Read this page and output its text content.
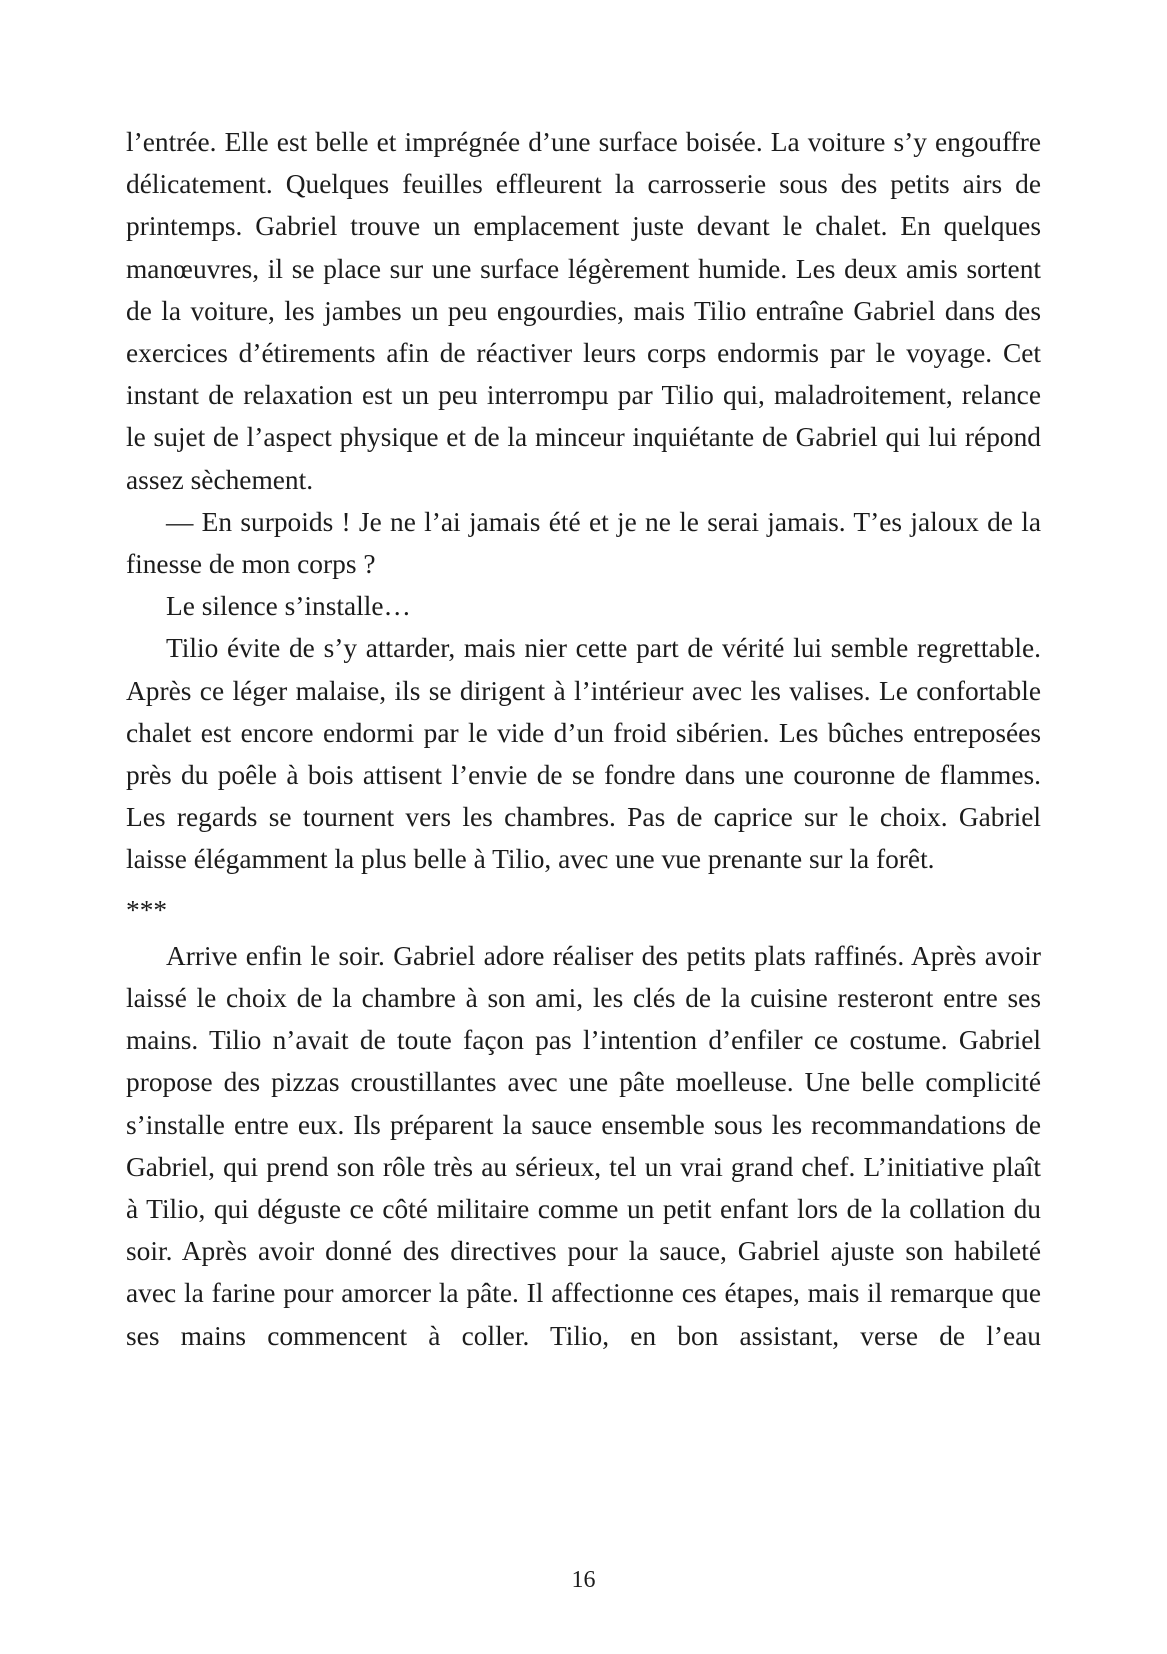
l’entrée. Elle est belle et imprégnée d’une surface boisée. La voiture s’y engouffre délicatement. Quelques feuilles effleurent la carrosserie sous des petits airs de printemps. Gabriel trouve un emplacement juste devant le chalet. En quelques manœuvres, il se place sur une surface légèrement humide. Les deux amis sortent de la voiture, les jambes un peu engourdies, mais Tilio entraîne Gabriel dans des exercices d’étirements afin de réactiver leurs corps endormis par le voyage. Cet instant de relaxation est un peu interrompu par Tilio qui, maladroitement, relance le sujet de l’aspect physique et de la minceur inquiétante de Gabriel qui lui répond assez sèchement.

— En surpoids ! Je ne l’ai jamais été et je ne le serai jamais. T’es jaloux de la finesse de mon corps ?

Le silence s’installe…

Tilio évite de s’y attarder, mais nier cette part de vérité lui semble regrettable. Après ce léger malaise, ils se dirigent à l’intérieur avec les valises. Le confortable chalet est encore endormi par le vide d’un froid sibérien. Les bûches entreposées près du poêle à bois attisent l’envie de se fondre dans une couronne de flammes. Les regards se tournent vers les chambres. Pas de caprice sur le choix. Gabriel laisse élégamment la plus belle à Tilio, avec une vue prenante sur la forêt.

***

Arrive enfin le soir. Gabriel adore réaliser des petits plats raffinés. Après avoir laissé le choix de la chambre à son ami, les clés de la cuisine resteront entre ses mains. Tilio n’avait de toute façon pas l’intention d’enfiler ce costume. Gabriel propose des pizzas croustillantes avec une pâte moelleuse. Une belle complicité s’installe entre eux. Ils préparent la sauce ensemble sous les recommandations de Gabriel, qui prend son rôle très au sérieux, tel un vrai grand chef. L’initiative plaît à Tilio, qui déguste ce côté militaire comme un petit enfant lors de la collation du soir. Après avoir donné des directives pour la sauce, Gabriel ajuste son habileté avec la farine pour amorcer la pâte. Il affectionne ces étapes, mais il remarque que ses mains commencent à coller. Tilio, en bon assistant, verse de l’eau

16
